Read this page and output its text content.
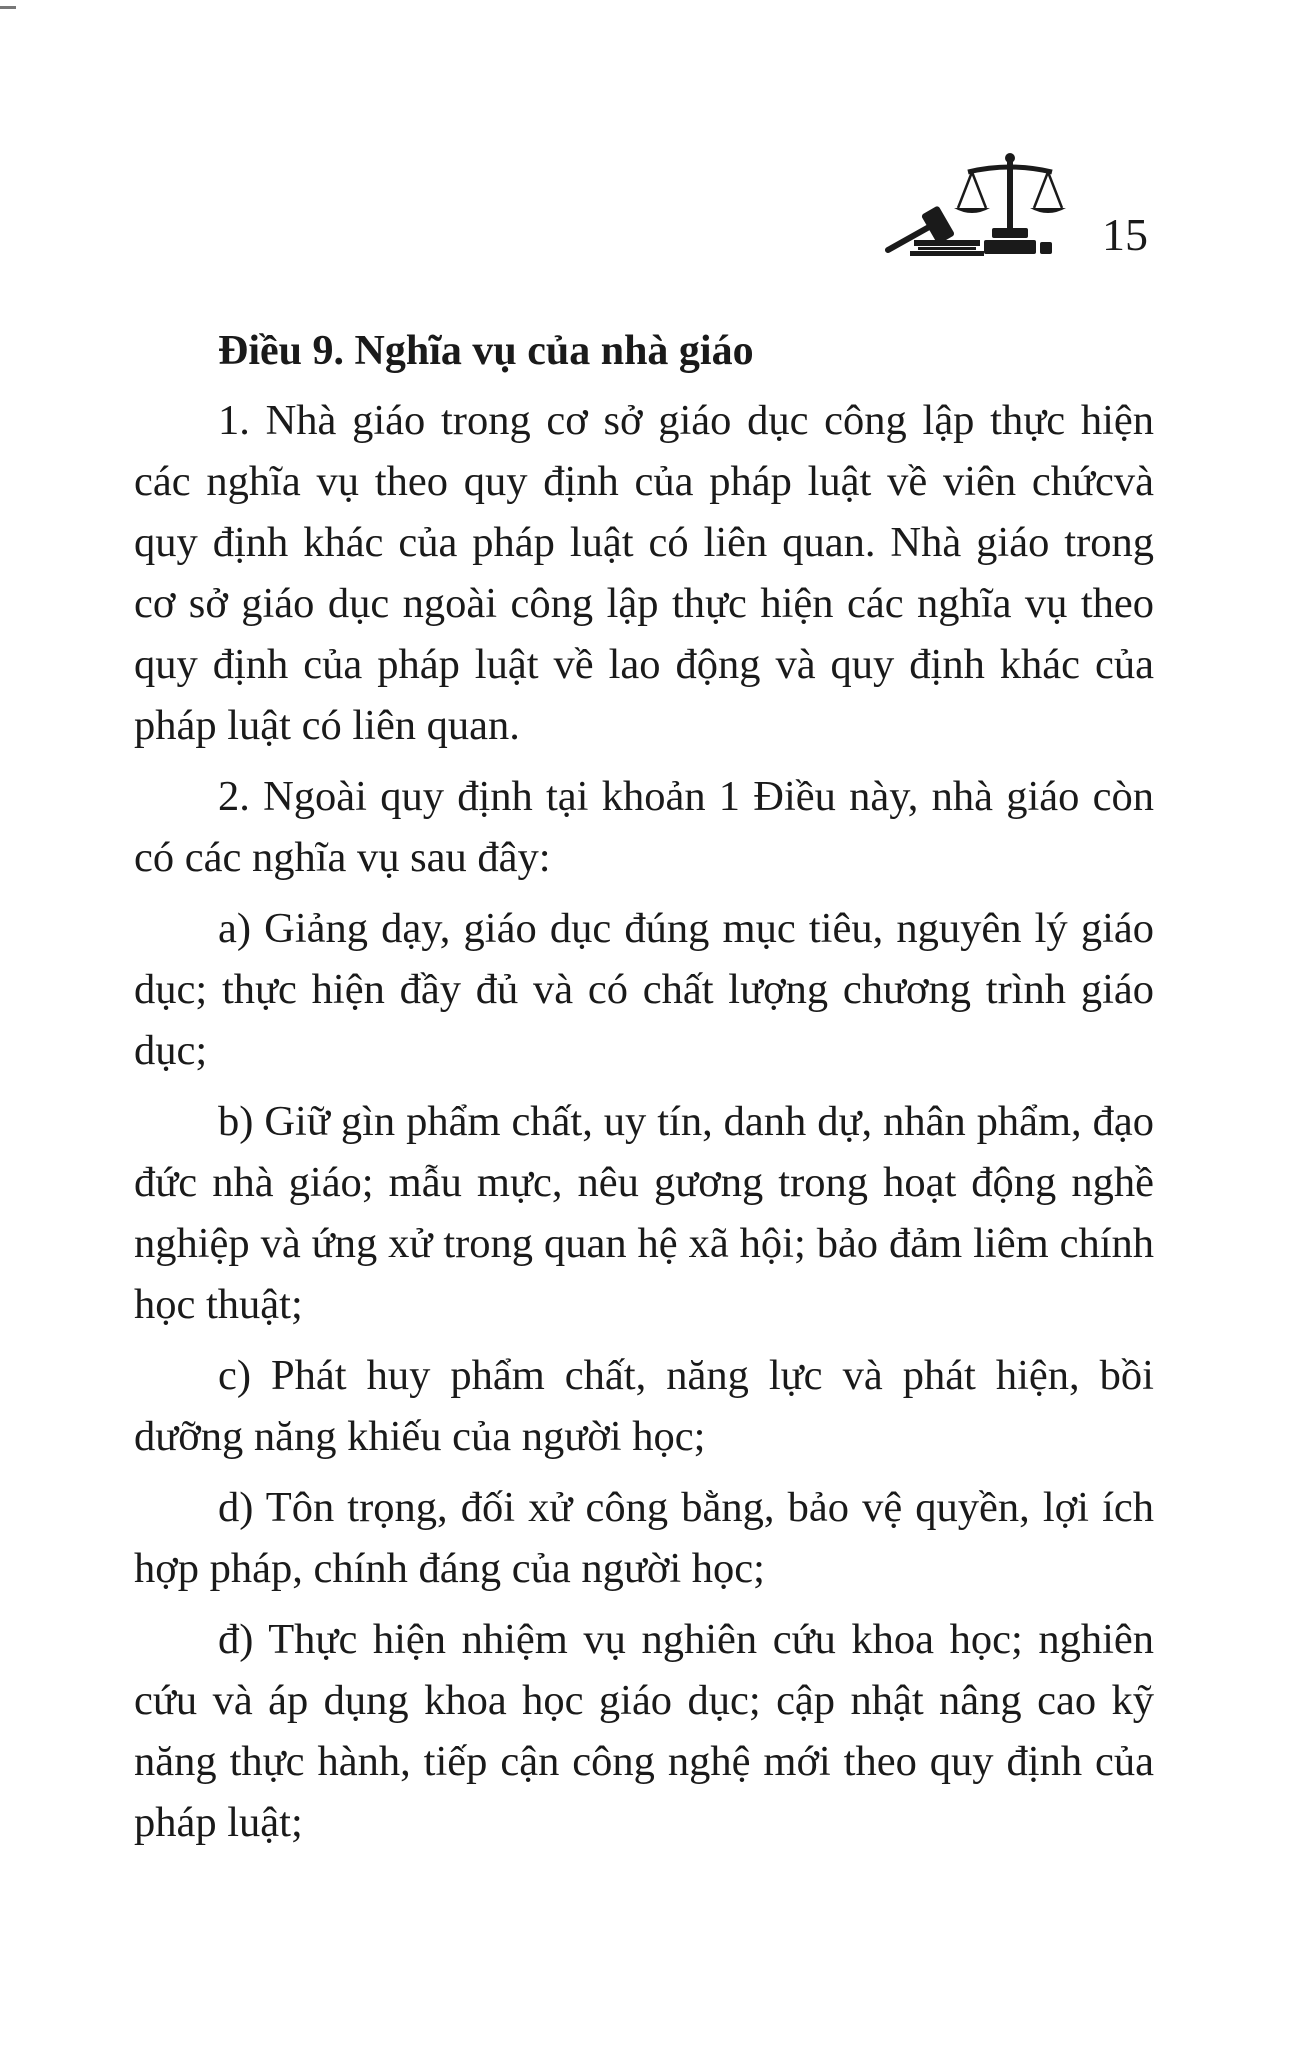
15
Điều 9. Nghĩa vụ của nhà giáo

1. Nhà giáo trong cơ sở giáo dục công lập thực hiện các nghĩa vụ theo quy định của pháp luật về viên chứcvà quy định khác của pháp luật có liên quan. Nhà giáo trong cơ sở giáo dục ngoài công lập thực hiện các nghĩa vụ theo quy định của pháp luật về lao động và quy định khác của pháp luật có liên quan.

2. Ngoài quy định tại khoản 1 Điều này, nhà giáo còn có các nghĩa vụ sau đây:

a) Giảng dạy, giáo dục đúng mục tiêu, nguyên lý giáo dục; thực hiện đầy đủ và có chất lượng chương trình giáo dục;

b) Giữ gìn phẩm chất, uy tín, danh dự, nhân phẩm, đạo đức nhà giáo; mẫu mực, nêu gương trong hoạt động nghề nghiệp và ứng xử trong quan hệ xã hội; bảo đảm liêm chính học thuật;

c) Phát huy phẩm chất, năng lực và phát hiện, bồi dưỡng năng khiếu của người học;

d) Tôn trọng, đối xử công bằng, bảo vệ quyền, lợi ích hợp pháp, chính đáng của người học;

đ) Thực hiện nhiệm vụ nghiên cứu khoa học; nghiên cứu và áp dụng khoa học giáo dục; cập nhật nâng cao kỹ năng thực hành, tiếp cận công nghệ mới theo quy định của pháp luật;
